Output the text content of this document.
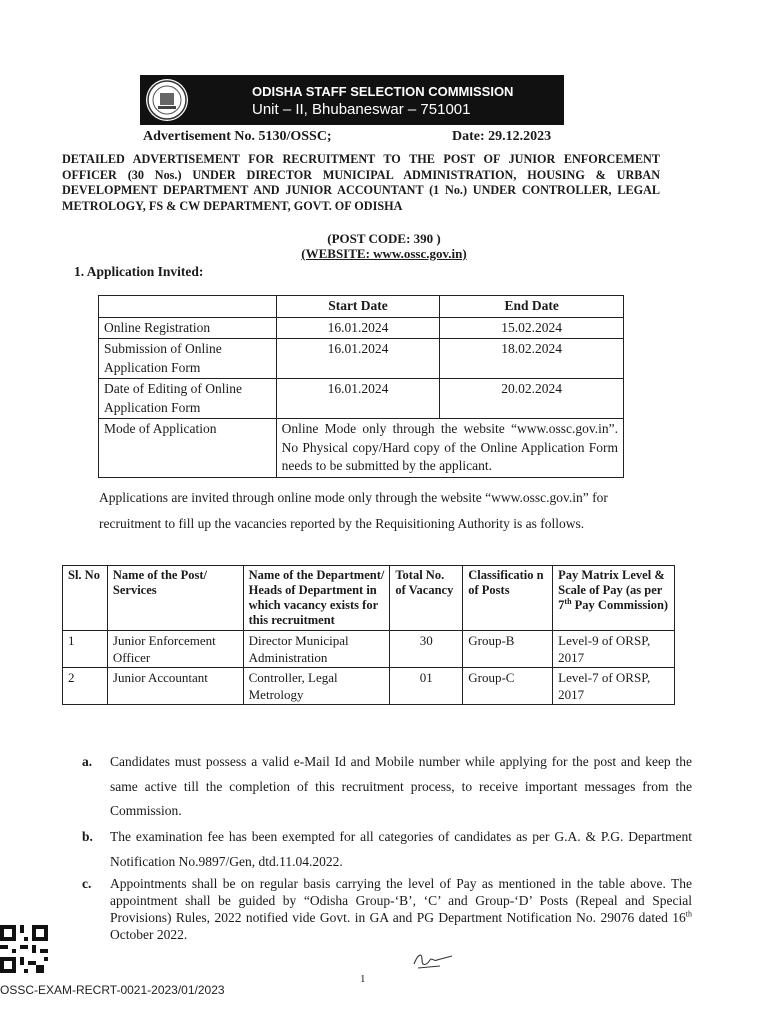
ODISHA STAFF SELECTION COMMISSION
Unit – II, Bhubaneswar – 751001
Advertisement No. 5130/OSSC;	Date: 29.12.2023
DETAILED ADVERTISEMENT FOR RECRUITMENT TO THE POST OF JUNIOR ENFORCEMENT OFFICER (30 Nos.) UNDER DIRECTOR MUNICIPAL ADMINISTRATION, HOUSING & URBAN DEVELOPMENT DEPARTMENT AND JUNIOR ACCOUNTANT (1 No.) UNDER CONTROLLER, LEGAL METROLOGY, FS & CW DEPARTMENT, GOVT. OF ODISHA
(POST CODE: 390 )
(WEBSITE: www.ossc.gov.in)
1. Application Invited:
	Start Date	End Date
Online Registration	16.01.2024	15.02.2024
Submission of Online Application Form	16.01.2024	18.02.2024
Date of Editing of Online Application Form	16.01.2024	20.02.2024
Mode of Application	Online Mode only through the website “www.ossc.gov.in”. No Physical copy/Hard copy of the Online Application Form needs to be submitted by the applicant.	
Applications are invited through online mode only through the website “www.ossc.gov.in” for recruitment to fill up the vacancies reported by the Requisitioning Authority is as follows.
Sl. No	Name of the Post/ Services	Name of the Department/ Heads of Department in which vacancy exists for this recruitment	Total No. of Vacancy	Classificatio n of Posts	Pay Matrix Level & Scale of Pay (as per 7th Pay Commission)
1	Junior Enforcement Officer	Director Municipal Administration	30	Group-B	Level-9 of ORSP, 2017
2	Junior Accountant	Controller, Legal Metrology	01	Group-C	Level-7 of ORSP, 2017
a. Candidates must possess a valid e-Mail Id and Mobile number while applying for the post and keep the same active till the completion of this recruitment process, to receive important messages from the Commission.
b. The examination fee has been exempted for all categories of candidates as per G.A. & P.G. Department Notification No.9897/Gen, dtd.11.04.2022.
c. Appointments shall be on regular basis carrying the level of Pay as mentioned in the table above. The appointment shall be guided by “Odisha Group-‘B’, ‘C’ and Group-‘D’ Posts (Repeal and Special Provisions) Rules, 2022 notified vide Govt. in GA and PG Department Notification No. 29076 dated 16th October 2022.
1
OSSC-EXAM-RECRT-0021-2023/01/2023
